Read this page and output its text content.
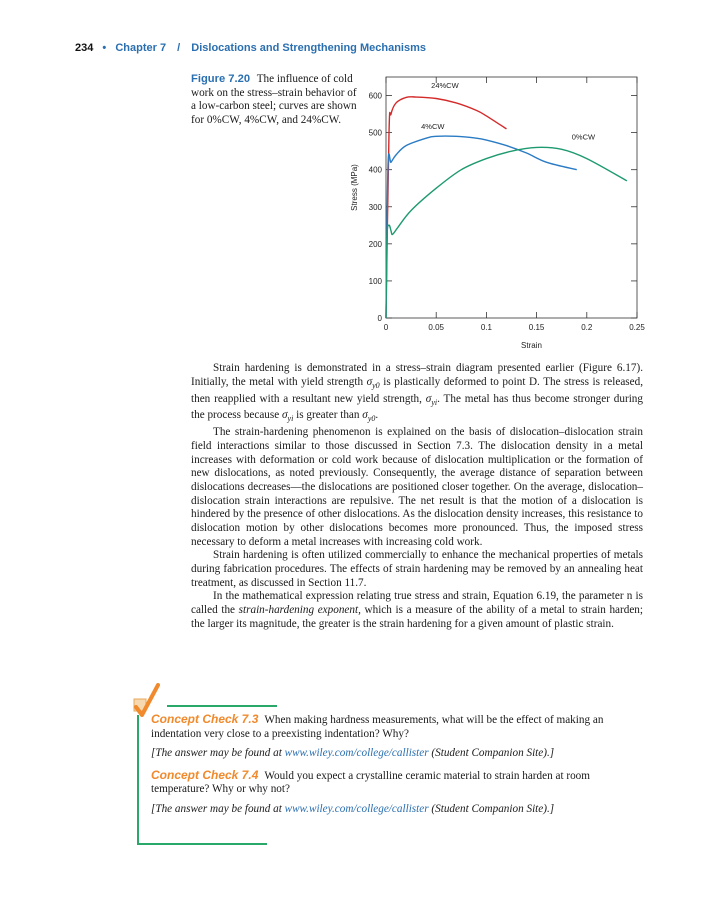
234 • Chapter 7 / Dislocations and Strengthening Mechanisms
Figure 7.20 The influence of cold work on the stress–strain behavior of a low-carbon steel; curves are shown for 0%CW, 4%CW, and 24%CW.
0	0.05	0.1	0.15	0.2	0.25
0
100
200
300
400
500
600
Strain
Stress (MPa)
24%CW
4%CW
0%CW

Strain hardening is demonstrated in a stress–strain diagram presented earlier (Figure 6.17). Initially, the metal with yield strength $\sigma_{y0}$ is plastically deformed to point D. The stress is released, then reapplied with a resultant new yield strength, $\sigma_{yi}$. The metal has thus become stronger during the process because $\sigma_{yi}$ is greater than $\sigma_{y0}$.

The strain-hardening phenomenon is explained on the basis of dislocation–dislocation strain field interactions similar to those discussed in Section 7.3. The dislocation density in a metal increases with deformation or cold work because of dislocation multiplication or the formation of new dislocations, as noted previously. Consequently, the average distance of separation between dislocations decreases—the dislocations are positioned closer together. On the average, dislocation–dislocation strain interactions are repulsive. The net result is that the motion of a dislocation is hindered by the presence of other dislocations. As the dislocation density increases, this resistance to dislocation motion by other dislocations becomes more pronounced. Thus, the imposed stress necessary to deform a metal increases with increasing cold work.

Strain hardening is often utilized commercially to enhance the mechanical properties of metals during fabrication procedures. The effects of strain hardening may be removed by an annealing heat treatment, as discussed in Section 11.7.

In the mathematical expression relating true stress and strain, Equation 6.19, the parameter n is called the strain-hardening exponent, which is a measure of the ability of a metal to strain harden; the larger its magnitude, the greater is the strain hardening for a given amount of plastic strain.

Concept Check 7.3 When making hardness measurements, what will be the effect of making an indentation very close to a preexisting indentation? Why?

[The answer may be found at www.wiley.com/college/callister (Student Companion Site).]

Concept Check 7.4 Would you expect a crystalline ceramic material to strain harden at room temperature? Why or why not?

[The answer may be found at www.wiley.com/college/callister (Student Companion Site).]
